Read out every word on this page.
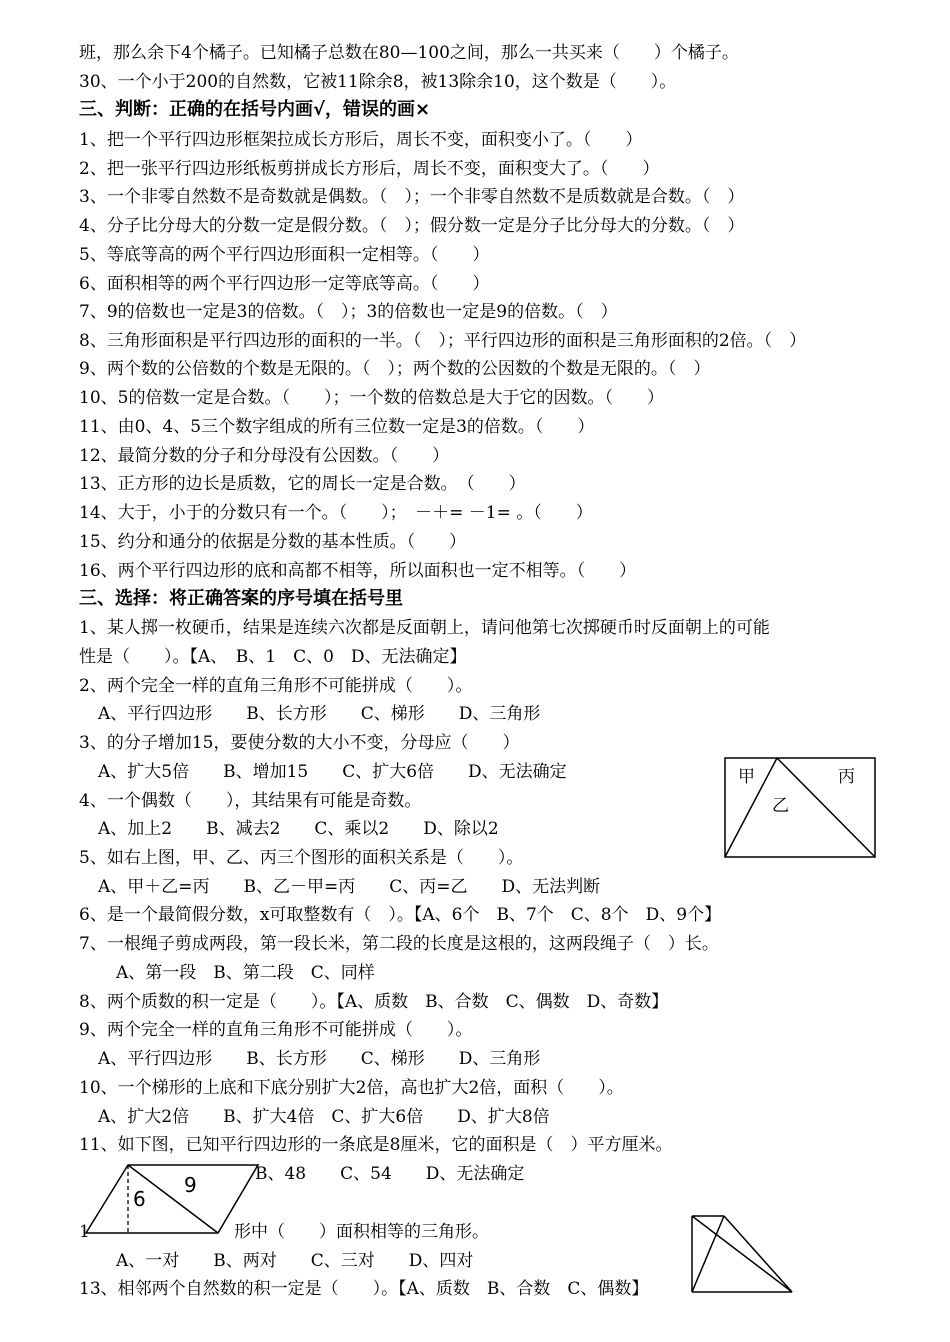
班，那么余下4个橘子。已知橘子总数在80—100之间，那么一共买来（　　）个橘子。
30、一个小于200的自然数，它被11除余8，被13除余10，这个数是（　　）。
三、判断：正确的在括号内画√，错误的画×
1、把一个平行四边形框架拉成长方形后，周长不变，面积变小了。（　　）
2、把一张平行四边形纸板剪拼成长方形后，周长不变，面积变大了。（　　）
3、一个非零自然数不是奇数就是偶数。（　）；一个非零自然数不是质数就是合数。（　）
4、分子比分母大的分数一定是假分数。（　）；假分数一定是分子比分母大的分数。（　）
5、等底等高的两个平行四边形面积一定相等。（　　）
6、面积相等的两个平行四边形一定等底等高。（　　）
7、9的倍数也一定是3的倍数。（　）；3的倍数也一定是9的倍数。（　）
8、三角形面积是平行四边形的面积的一半。（　）；平行四边形的面积是三角形面积的2倍。（　）
9、两个数的公倍数的个数是无限的。（　）；两个数的公因数的个数是无限的。（　）
10、5的倍数一定是合数。（　　）；一个数的倍数总是大于它的因数。（　　）
11、由0、4、5三个数字组成的所有三位数一定是3的倍数。（　　）
12、最简分数的分子和分母没有公因数。（　　）
13、正方形的边长是质数，它的周长一定是合数。　（　　）
14、大于，小于的分数只有一个。（　　）；　－＋= －1= 。（　　）
15、约分和通分的依据是分数的基本性质。（　　）
16、两个平行四边形的底和高都不相等，所以面积也一定不相等。（　　）
三、选择：将正确答案的序号填在括号里
1、某人掷一枚硬币，结果是连续六次都是反面朝上，请问他第七次掷硬币时反面朝上的可能
性是（　　）。【A、　B、1　C、0　D、无法确定】
2、两个完全一样的直角三角形不可能拼成（　　）。
A、平行四边形　　B、长方形　　C、梯形　　D、三角形
3、的分子增加15，要使分数的大小不变，分母应（　　）
A、扩大5倍　　B、增加15　　C、扩大6倍　　D、无法确定
4、一个偶数（　　），其结果有可能是奇数。
A、加上2　　B、减去2　　C、乘以2　　D、除以2
5、如右上图，甲、乙、丙三个图形的面积关系是（　　）。
A、甲＋乙=丙　　B、乙－甲=丙　　C、丙=乙　　D、无法判断
6、是一个最简假分数，x可取整数有（　）。【A、6个　B、7个　C、8个　D、9个】
7、一根绳子剪成两段，第一段长米，第二段的长度是这根的，这两段绳子（　）长。
A、第一段　B、第二段　C、同样
8、两个质数的积一定是（　　）。【A、质数　B、合数　C、偶数　D、奇数】
9、两个完全一样的直角三角形不可能拼成（　　）。
A、平行四边形　　B、长方形　　C、梯形　　D、三角形
10、一个梯形的上底和下底分别扩大2倍，高也扩大2倍，面积（　　）。
A、扩大2倍　　B、扩大4倍　C、扩大6倍　　D、扩大8倍
11、如下图，已知平行四边形的一条底是8厘米，它的面积是（　）平方厘米。
B、48　　C、54　　D、无法确定
1	形中（　　）面积相等的三角形。
A、一对　　B、两对　　C、三对　　D、四对
13、相邻两个自然数的积一定是（　　）。【A、质数　B、合数　C、偶数】
甲
乙
丙
6
9
